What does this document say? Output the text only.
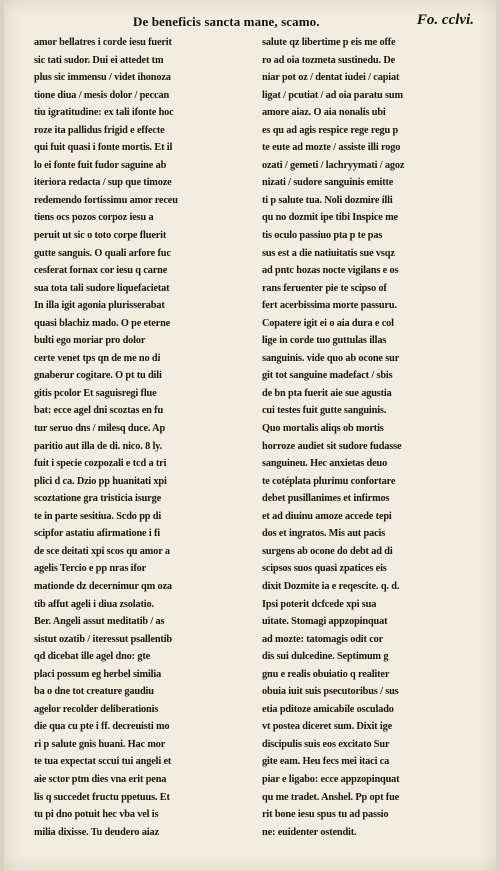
De beneficis sancta mane, scamo.	Fo. cclvi.
amor bellatres i corde iesu fuerit
sic tati sudor. Dui ei attedet tm
plus sic immensu / videt ihonoza
tione diua / mesis dolor / peccan
tiu igratitudine: ex tali ifonte hoc
roze ita pallidus frigid e effecte
qui fuit quasi i fonte mortis. Et il
lo ei fonte fuit fudor saguine ab
iteriora redacta / sup que timoze
redemendo fortissimu amor receu
tiens ocs pozos corpoz iesu a
peruit ut sic o toto corpe fluerit
gutte sanguis. O quali arfore fuc
cesferat fornax cor iesu q carne
sua tota tali sudore liquefacietat
In illa igit agonia plurisserabat
quasi blachiz mado. O pe eterne
bulti ego moriar pro dolor
certe venet tps qn de me no di
gnaberur cogitare. O pt tu dili
gitis pcolor Et saguisregi flue
bat: ecce agel dni scoztas en fu
tur seruo dns / milesq duce. Ap
paritio aut illa de di. nico. 8 ly.
fuit i specie cozpozali e tcd a tri
plici d ca. Dzio pp huanitati xpi
scoztatione gra tristicia isurge
te in parte sesitiua. Scdo pp di
scipfor astatiu afirmatione i fi
de sce deitati xpi scos qu amor a
agelis Tercio e pp nras ifor
mationde dz decernimur qm oza
tib affut ageli i diua zsolatio.
Ber. Angeli assut meditatib / as
sistut ozatib / iteressut psallentib
qd dicebat ille agel dno: gte
placi possum eg herbel similia
ba o dne tot creature gaudiu
agelor recolder deliberationis
die qua cu pte i ff. decreuisti mo
ri p salute gnis huani. Hac mor
te tua expectat sccui tui angeli et
aie sctor ptm dies vna erit pena
lis q succedet fructu ppetuus. Et
tu pi dno potuit hec vba vel is
milia dixisse. Tu deudero aiaz
salute qz libertime p eis me offe
ro ad oia tozmeta sustinedu. De
niar pot oz / dentat iudei / capiat
ligat / pcutiat / ad oia paratu sum
amore aiaz. O aia nonalis ubi
es qu ad agis respice rege regu p
te eute ad mozte / assiste illi rogo
ozati / gemeti / lachryymati / agoz
nizati / sudore sanguinis emitte
ti p salute tua. Noli dozmire illi
qu no dozmit ipe tibi Inspice me
tis oculo passiuo pta p te pas
sus est a die natiuitatis sue vsqz
ad pntc hozas nocte vigilans e os
rans feruenter pie te scipso of
fert acerbissima morte passuru.
Copatere igit ei o aia dura e col
lige in corde tuo guttulas illas
sanguinis. vide quo ab ocone sur
git tot sanguine madefact / sbis
de bn pta fuerit aie sue agustia
cui testes fuit gutte sanguinis.
Quo mortalis aliqs ob mortis
horroze audiet sit sudore fudasse
sanguineu. Hec anxietas deuo
te cotéplata plurimu confortare
debet pusillanimes et infirmos
et ad diuinu amoze accede tepi
dos et ingratos. Mis aut pacis
surgens ab ocone do debt ad di
scipsos suos quasi zpatices eis
dixit Dozmite ia e reqescite. q. d.
Ipsi poterit dcfcede xpi sua
uitate. Stomagi appzopinquat
ad mozte: tatomagis odit cor
dis sui dulcedine. Septimum g
gnu e realis obuiatio q realiter
obuia iuit suis psecutoribus / sus
etia pditoze amicabile osculado
vt postea diceret sum. Dixit ige
discipulis suis eos excitato Sur
gite eam. Heu fecs mei itaci ca
piar e ligabo: ecce appzopinquat
qu me tradet. Anshel. Pp opt fue
rit bone iesu spus tu ad passio
ne: euidenter ostendit.
